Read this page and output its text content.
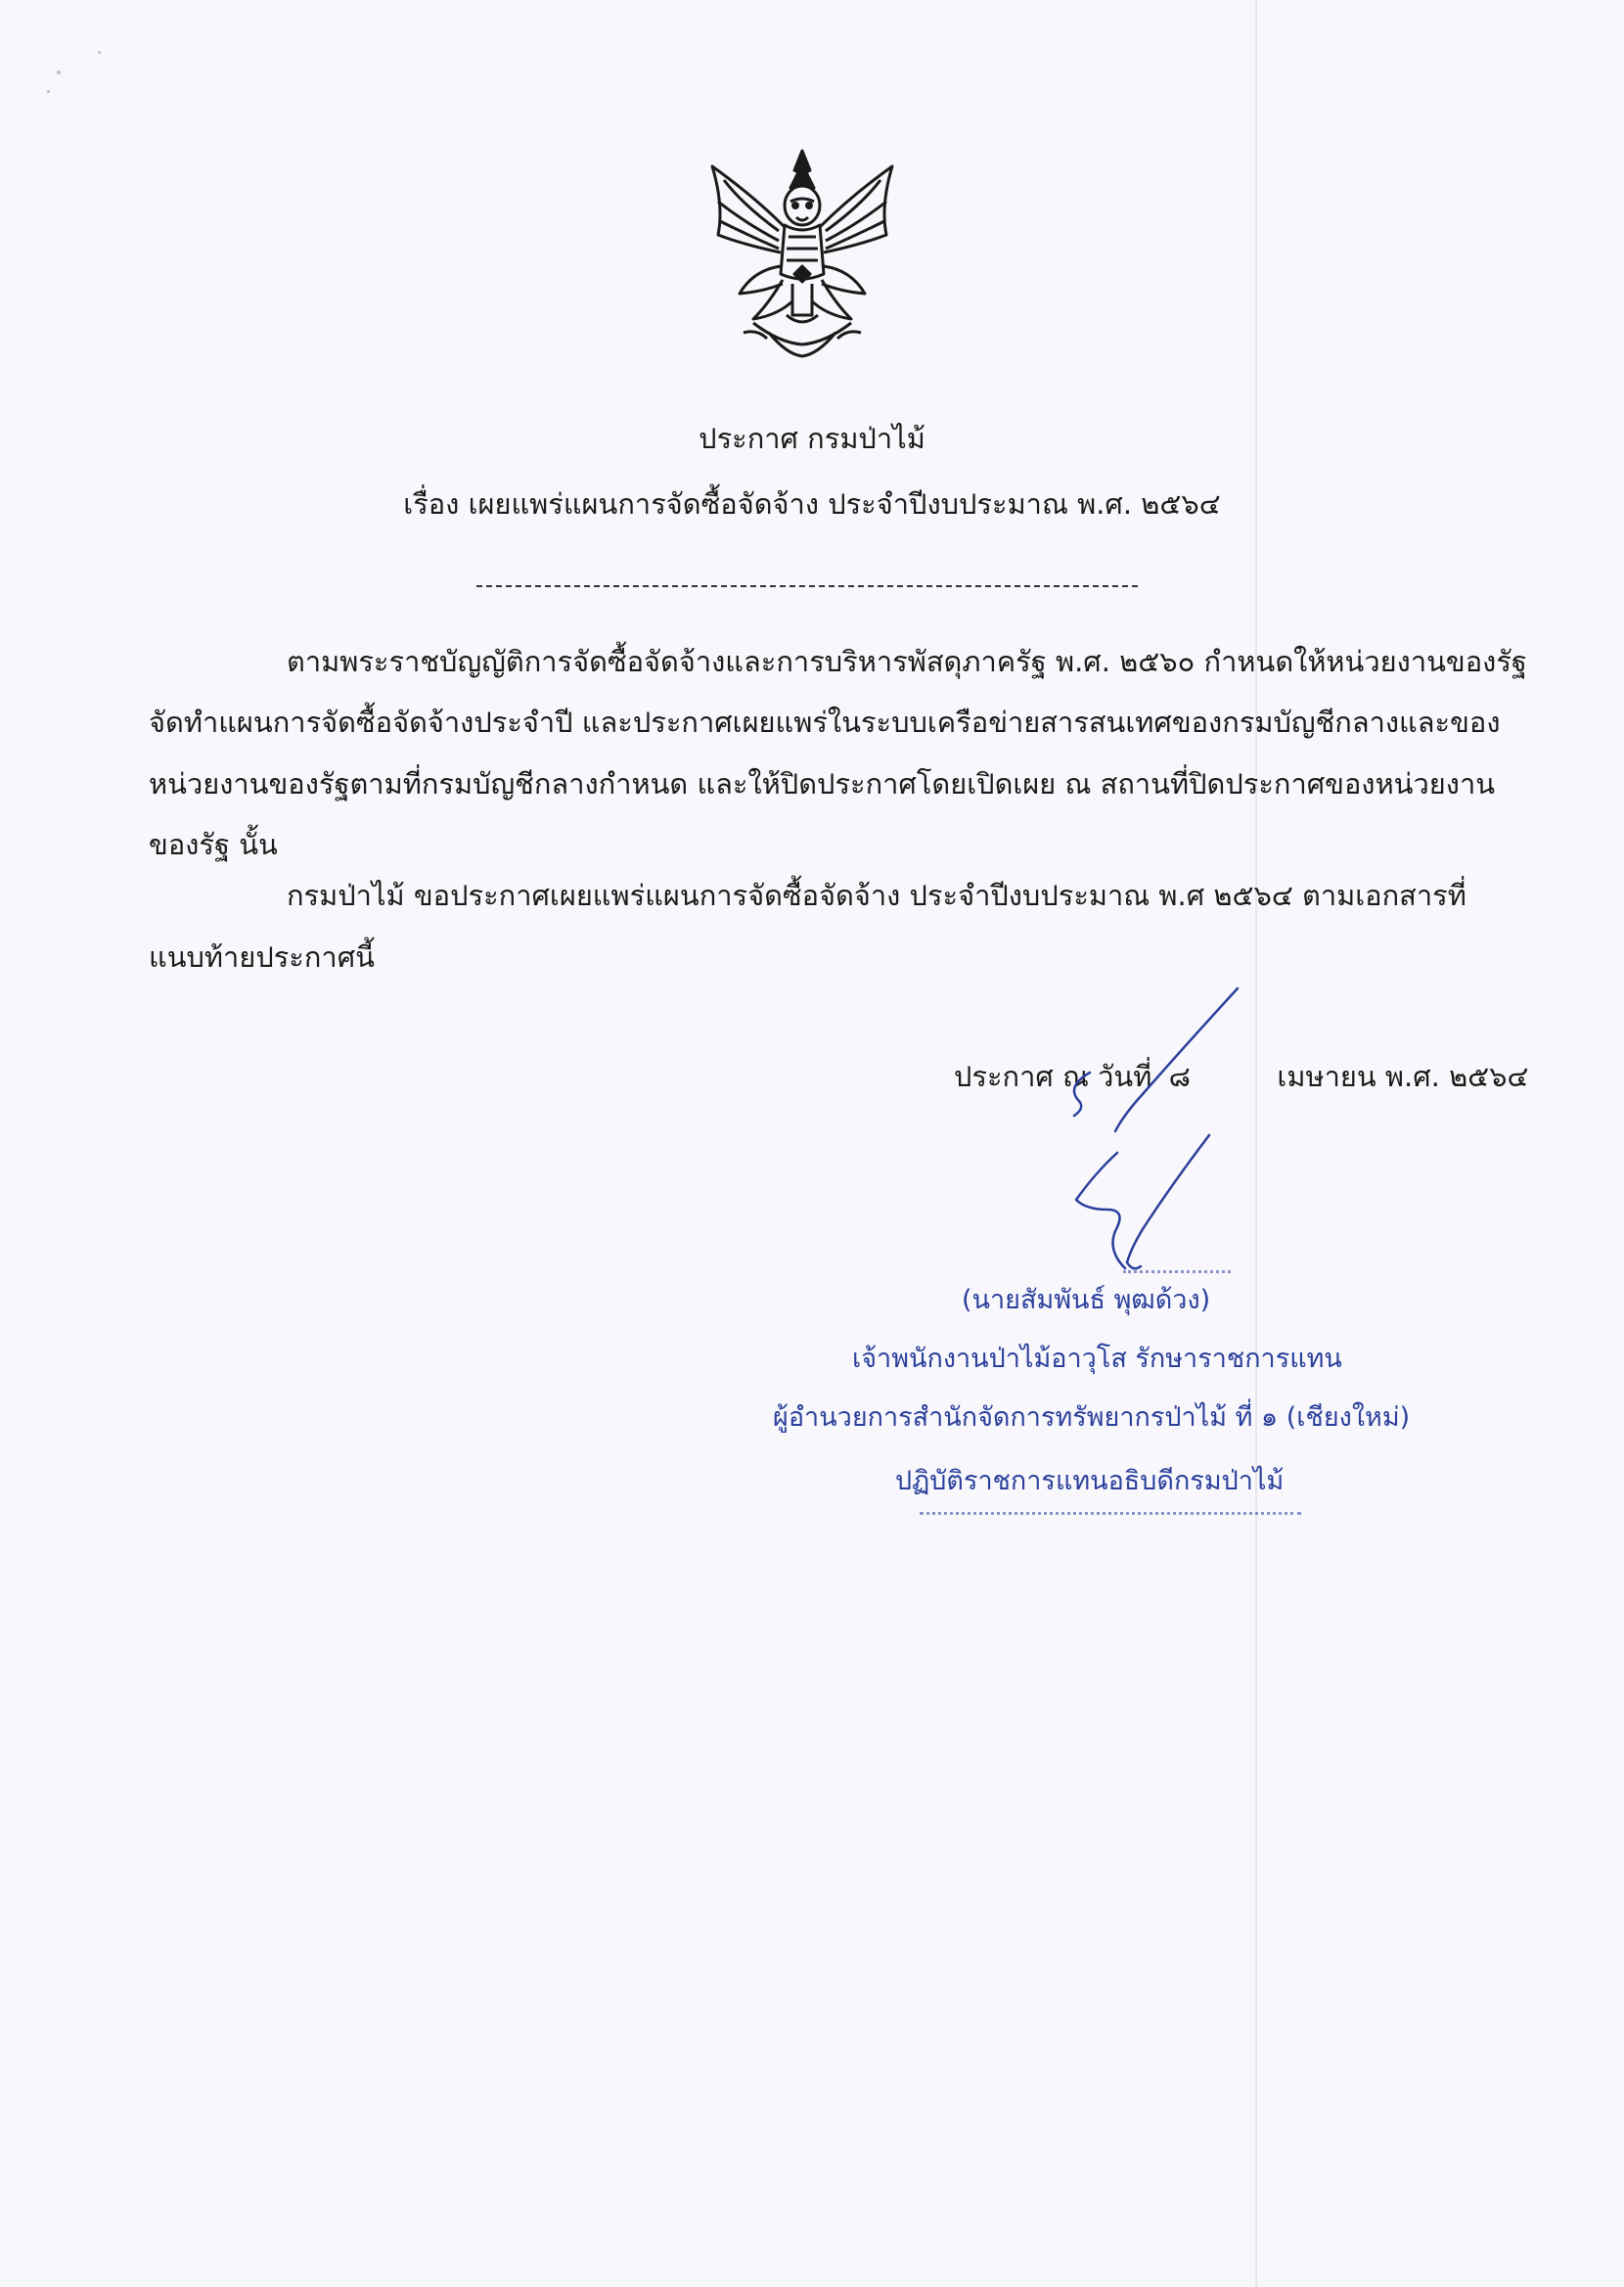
ประกาศ กรมป่าไม้
เรื่อง เผยแพร่แผนการจัดซื้อจัดจ้าง ประจำปีงบประมาณ พ.ศ. ๒๕๖๔
ตามพระราชบัญญัติการจัดซื้อจัดจ้างและการบริหารพัสดุภาครัฐ พ.ศ. ๒๕๖๐ กำหนดให้หน่วยงานของรัฐ
จัดทำแผนการจัดซื้อจัดจ้างประจำปี และประกาศเผยแพร่ในระบบเครือข่ายสารสนเทศของกรมบัญชีกลางและของ
หน่วยงานของรัฐตามที่กรมบัญชีกลางกำหนด และให้ปิดประกาศโดยเปิดเผย ณ สถานที่ปิดประกาศของหน่วยงาน
ของรัฐ นั้น
กรมป่าไม้ ขอประกาศเผยแพร่แผนการจัดซื้อจัดจ้าง ประจำปีงบประมาณ พ.ศ ๒๕๖๔ ตามเอกสารที่
แนบท้ายประกาศนี้
ประกาศ ณ วันที่ ๘	เมษายน พ.ศ. ๒๕๖๔
(นายสัมพันธ์ พุฒด้วง)
เจ้าพนักงานป่าไม้อาวุโส รักษาราชการแทน
ผู้อำนวยการสำนักจัดการทรัพยากรป่าไม้ ที่ ๑ (เชียงใหม่)
ปฏิบัติราชการแทนอธิบดีกรมป่าไม้
